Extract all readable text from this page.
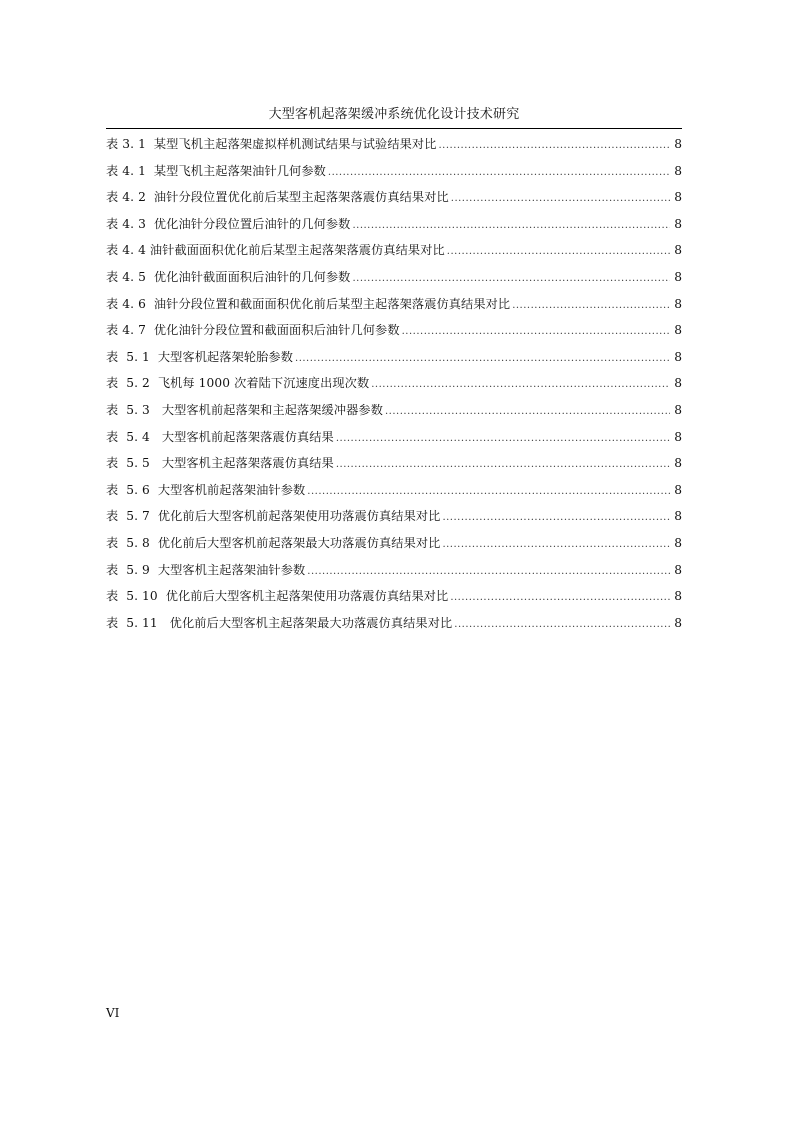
大型客机起落架缓冲系统优化设计技术研究
表 3. 1  某型飞机主起落架虚拟样机测试结果与试验结果对比 .....	8
表 4. 1  某型飞机主起落架油针几何参数 .....	8
表 4. 2  油针分段位置优化前后某型主起落架落震仿真结果对比 .....	8
表 4. 3  优化油针分段位置后油针的几何参数 .....	8
表 4. 4 油针截面面积优化前后某型主起落架落震仿真结果对比 .....	8
表 4. 5  优化油针截面面积后油针的几何参数 .....	8
表 4. 6  油针分段位置和截面面积优化前后某型主起落架落震仿真结果对比 .....	8
表 4. 7  优化油针分段位置和截面面积后油针几何参数 .....	8
表  5. 1  大型客机起落架轮胎参数 .....	8
表  5. 2  飞机每 1000 次着陆下沉速度出现次数 .....	8
表  5. 3   大型客机前起落架和主起落架缓冲器参数 .....	8
表  5. 4   大型客机前起落架落震仿真结果 .....	8
表  5. 5   大型客机主起落架落震仿真结果 .....	8
表  5. 6  大型客机前起落架油针参数 .....	8
表  5. 7  优化前后大型客机前起落架使用功落震仿真结果对比 .....	8
表  5. 8  优化前后大型客机前起落架最大功落震仿真结果对比 .....	8
表  5. 9  大型客机主起落架油针参数 .....	8
表  5. 10  优化前后大型客机主起落架使用功落震仿真结果对比 .....	8
表  5. 11   优化前后大型客机主起落架最大功落震仿真结果对比 .....	8
VI
